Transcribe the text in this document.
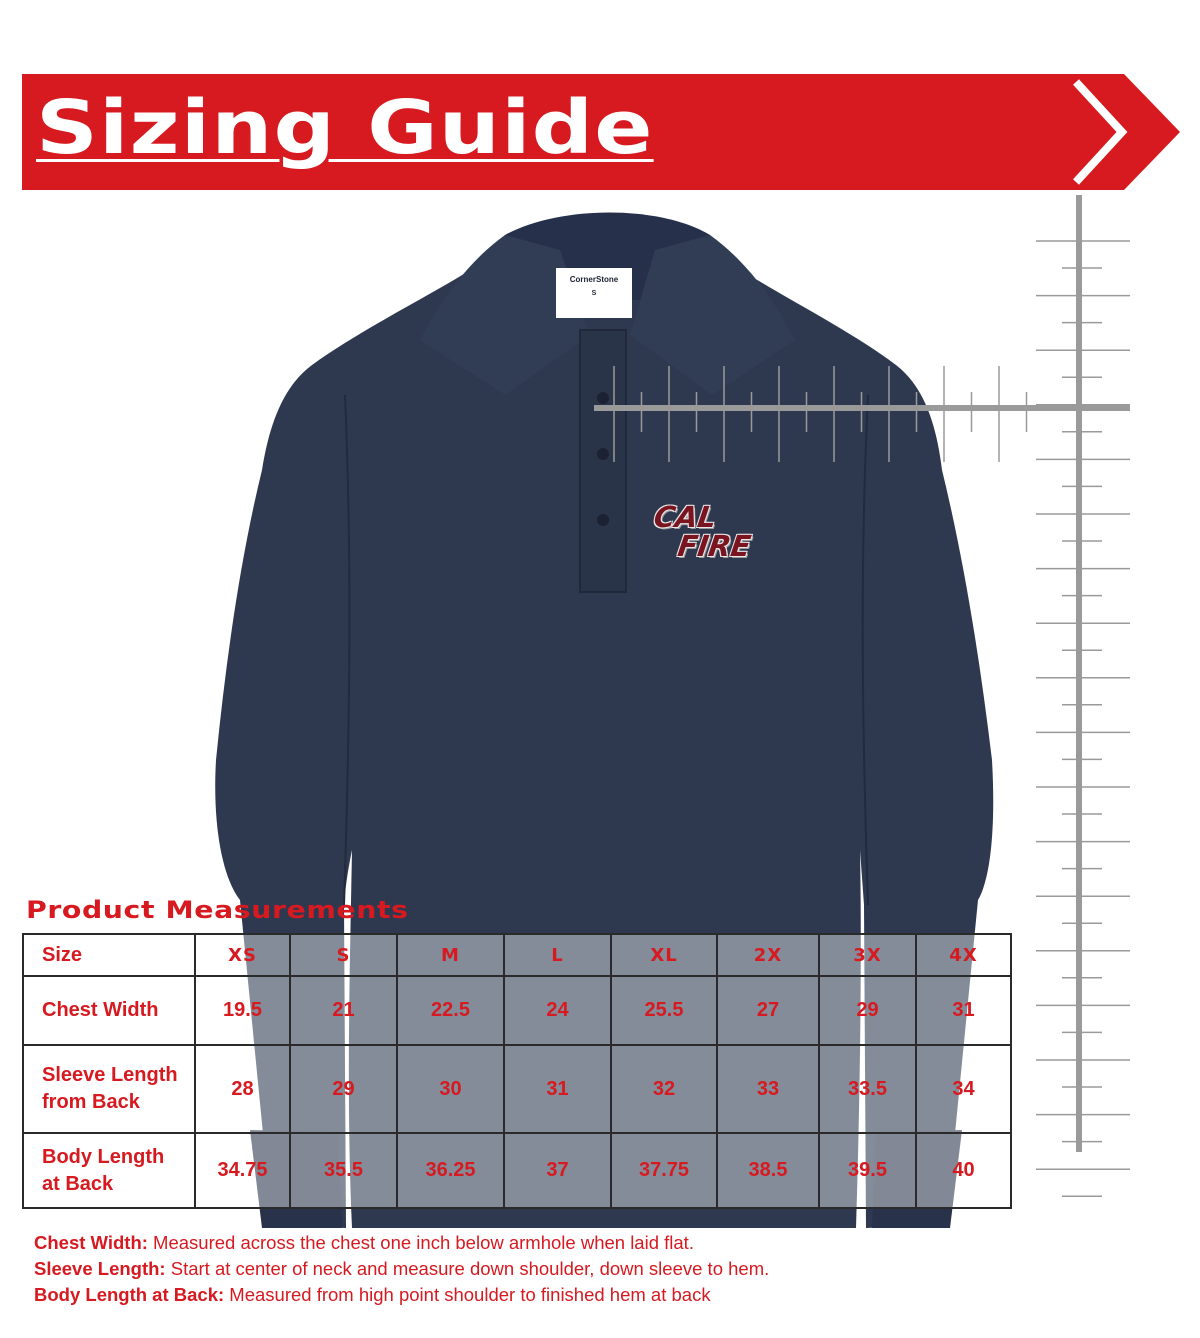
Sizing Guide
CornerStone
S
CAL
FIRE
Product Measurements
Size	XS	S	M	L	XL	2X	3X	4X

Chest Width	19.5	21	22.5	24	25.5	27	29	31

Sleeve Length
from Back	28	29	30	31	32	33	33.5	34

Body Length
at Back	34.75	35.5	36.25	37	37.75	38.5	39.5	40
Chest Width: Measured across the chest one inch below armhole when laid flat.
Sleeve Length: Start at center of neck and measure down shoulder, down sleeve to hem.
Body Length at Back: Measured from high point shoulder to finished hem at back
